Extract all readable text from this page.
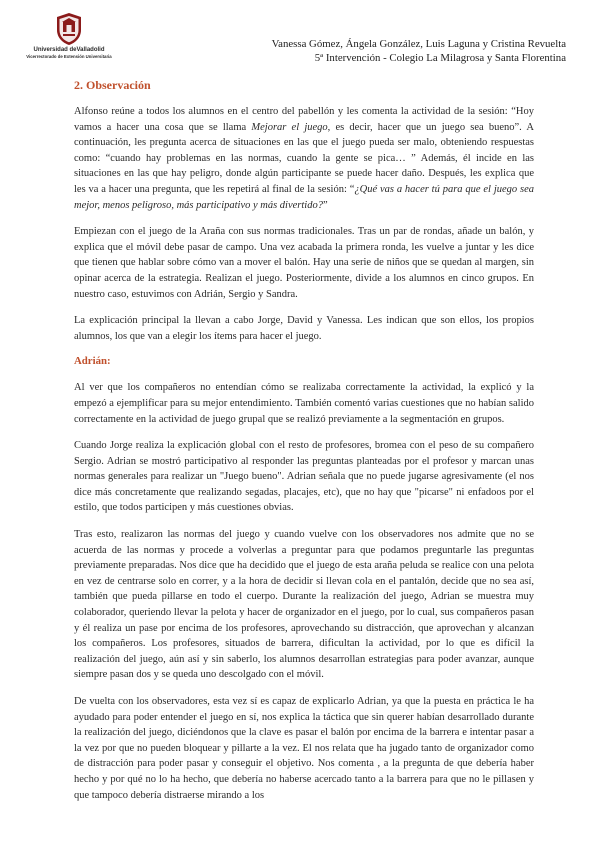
Universidad deValladolid
Vicerrectorado de Extensión Universitaria
Vanessa Gómez, Ángela González, Luis Laguna y Cristina Revuelta
5ª Intervención - Colegio La Milagrosa y Santa Florentina
2. Observación

Alfonso reúne a todos los alumnos en el centro del pabellón y les comenta la actividad de la sesión: “Hoy vamos a hacer una cosa que se llama Mejorar el juego, es decir, hacer que un juego sea bueno”. A continuación, les pregunta acerca de situaciones en las que el juego pueda ser malo, obteniendo respuestas como: “cuando hay problemas en las normas, cuando la gente se pica… ” Además, él incide en las situaciones en las que hay peligro, donde algún participante se puede hacer daño. Después, les explica que les va a hacer una pregunta, que les repetirá al final de la sesión: “¿Qué vas a hacer tú para que el juego sea mejor, menos peligroso, más participativo y más divertido?”

Empiezan con el juego de la Araña con sus normas tradicionales. Tras un par de rondas, añade un balón, y explica que el móvil debe pasar de campo. Una vez acabada la primera ronda, les vuelve a juntar y les dice que tienen que hablar sobre cómo van a mover el balón. Hay una serie de niños que se quedan al margen, sin opinar acerca de la estrategia. Realizan el juego. Posteriormente, divide a los alumnos en cinco grupos. En nuestro caso, estuvimos con Adrián, Sergio y Sandra.

La explicación principal la llevan a cabo Jorge, David y Vanessa. Les indican que son ellos, los propios alumnos, los que van a elegir los ítems para hacer el juego.

Adrián:

Al ver que los compañeros no entendían cómo se realizaba correctamente la actividad, la explicó y la empezó a ejemplificar para su mejor entendimiento. También comentó varias cuestiones que no habían salido correctamente en la actividad de juego grupal que se realizó previamente a la segmentación en grupos.

Cuando Jorge realiza la explicación global con el resto de profesores, bromea con el peso de su compañero Sergio. Adrian se mostró participativo al responder las preguntas planteadas por el profesor y marcan unas normas generales para realizar un "Juego bueno". Adrian señala que no puede jugarse agresivamente (el nos dice más concretamente que realizando segadas, placajes, etc), que no hay que "picarse" ni enfadoos por el estilo, que todos participen y más cuestiones obvias.

Tras esto, realizaron las normas del juego y cuando vuelve con los observadores nos admite que no se acuerda de las normas y procede a volverlas a preguntar para que podamos preguntarle las preguntas previamente preparadas. Nos dice que ha decidido que el juego de esta araña peluda se realice con una pelota en vez de centrarse solo en correr, y a la hora de decidir si llevan cola en el pantalón, decide que no sea así, también que pueda pillarse en todo el cuerpo. Durante la realización del juego, Adrian se muestra muy colaborador, queriendo llevar la pelota y hacer de organizador en el juego, por lo cual, sus compañeros pasan y él realiza un pase por encima de los profesores, aprovechando su distracción, que aprovechan y alcanzan los compañeros. Los profesores, situados de barrera, dificultan la actividad, por lo que es difícil la realización del juego, aún así y sin saberlo, los alumnos desarrollan estrategias para poder avanzar, aunque siempre pasan dos y se queda uno descolgado con el móvil.

De vuelta con los observadores, esta vez sí es capaz de explicarlo Adrian, ya que la puesta en práctica le ha ayudado para poder entender el juego en sí, nos explica la táctica que sin querer habían desarrollado durante la realización del juego, diciéndonos que la clave es pasar el balón por encima de la barrera e intentar pasar a la vez por que no pueden bloquear y pillarte a la vez. El nos relata que ha jugado tanto de organizador como de distracción para poder pasar y conseguir el objetivo. Nos comenta , a la pregunta de que debería haber hecho y por qué no lo ha hecho, que debería no haberse acercado tanto a la barrera para que no le pillasen y que tampoco debería distraerse mirando a los
